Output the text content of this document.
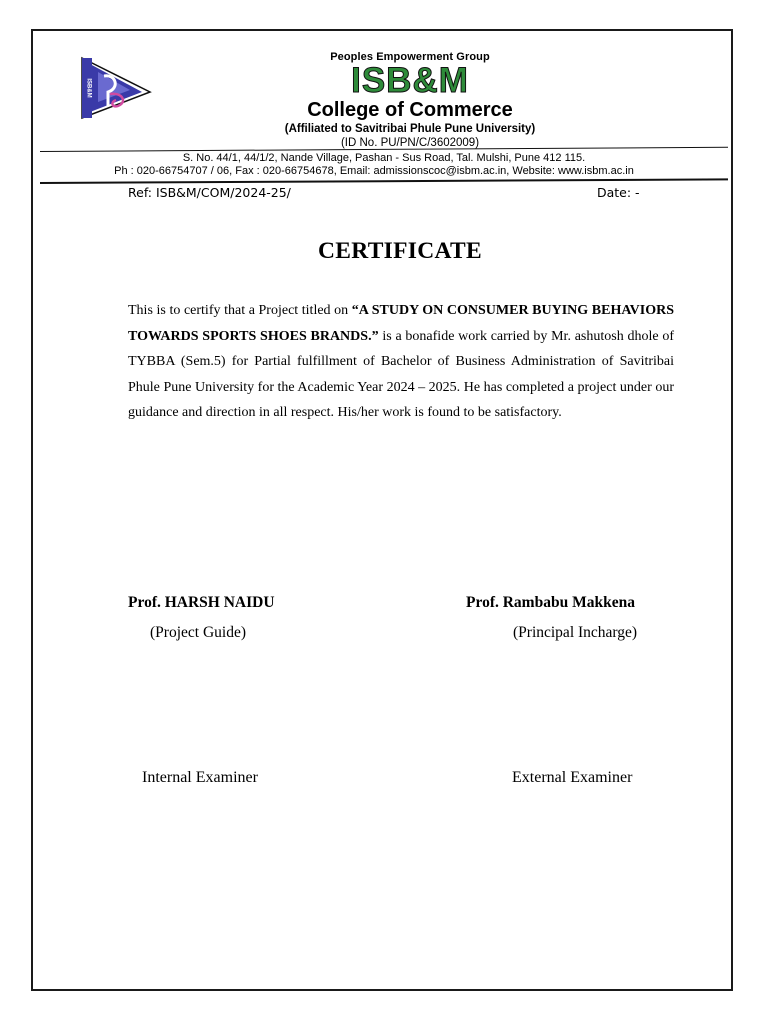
ISB&M
Peoples Empowerment Group
ISB&M
College of Commerce
(Affiliated to Savitribai Phule Pune University)
(ID No. PU/PN/C/3602009)
S. No. 44/1, 44/1/2, Nande Village, Pashan - Sus Road, Tal. Mulshi, Pune 412 115.
Ph : 020-66754707 / 06, Fax : 020-66754678, Email: admissionscoc@isbm.ac.in, Website: www.isbm.ac.in
Ref: ISB&M/COM/2024-25/	Date: -
CERTIFICATE
This is to certify that a Project titled on “A STUDY ON CONSUMER BUYING BEHAVIORS TOWARDS SPORTS SHOES BRANDS.” is a bonafide work carried by Mr. ashutosh dhole of TYBBA (Sem.5) for Partial fulfillment of Bachelor of Business Administration of Savitribai Phule Pune University for the Academic Year 2024 – 2025. He has completed a project under our guidance and direction in all respect. His/her work is found to be satisfactory.
Prof. HARSH NAIDU
(Project Guide)
Prof. Rambabu Makkena
(Principal Incharge)
Internal Examiner	External Examiner
